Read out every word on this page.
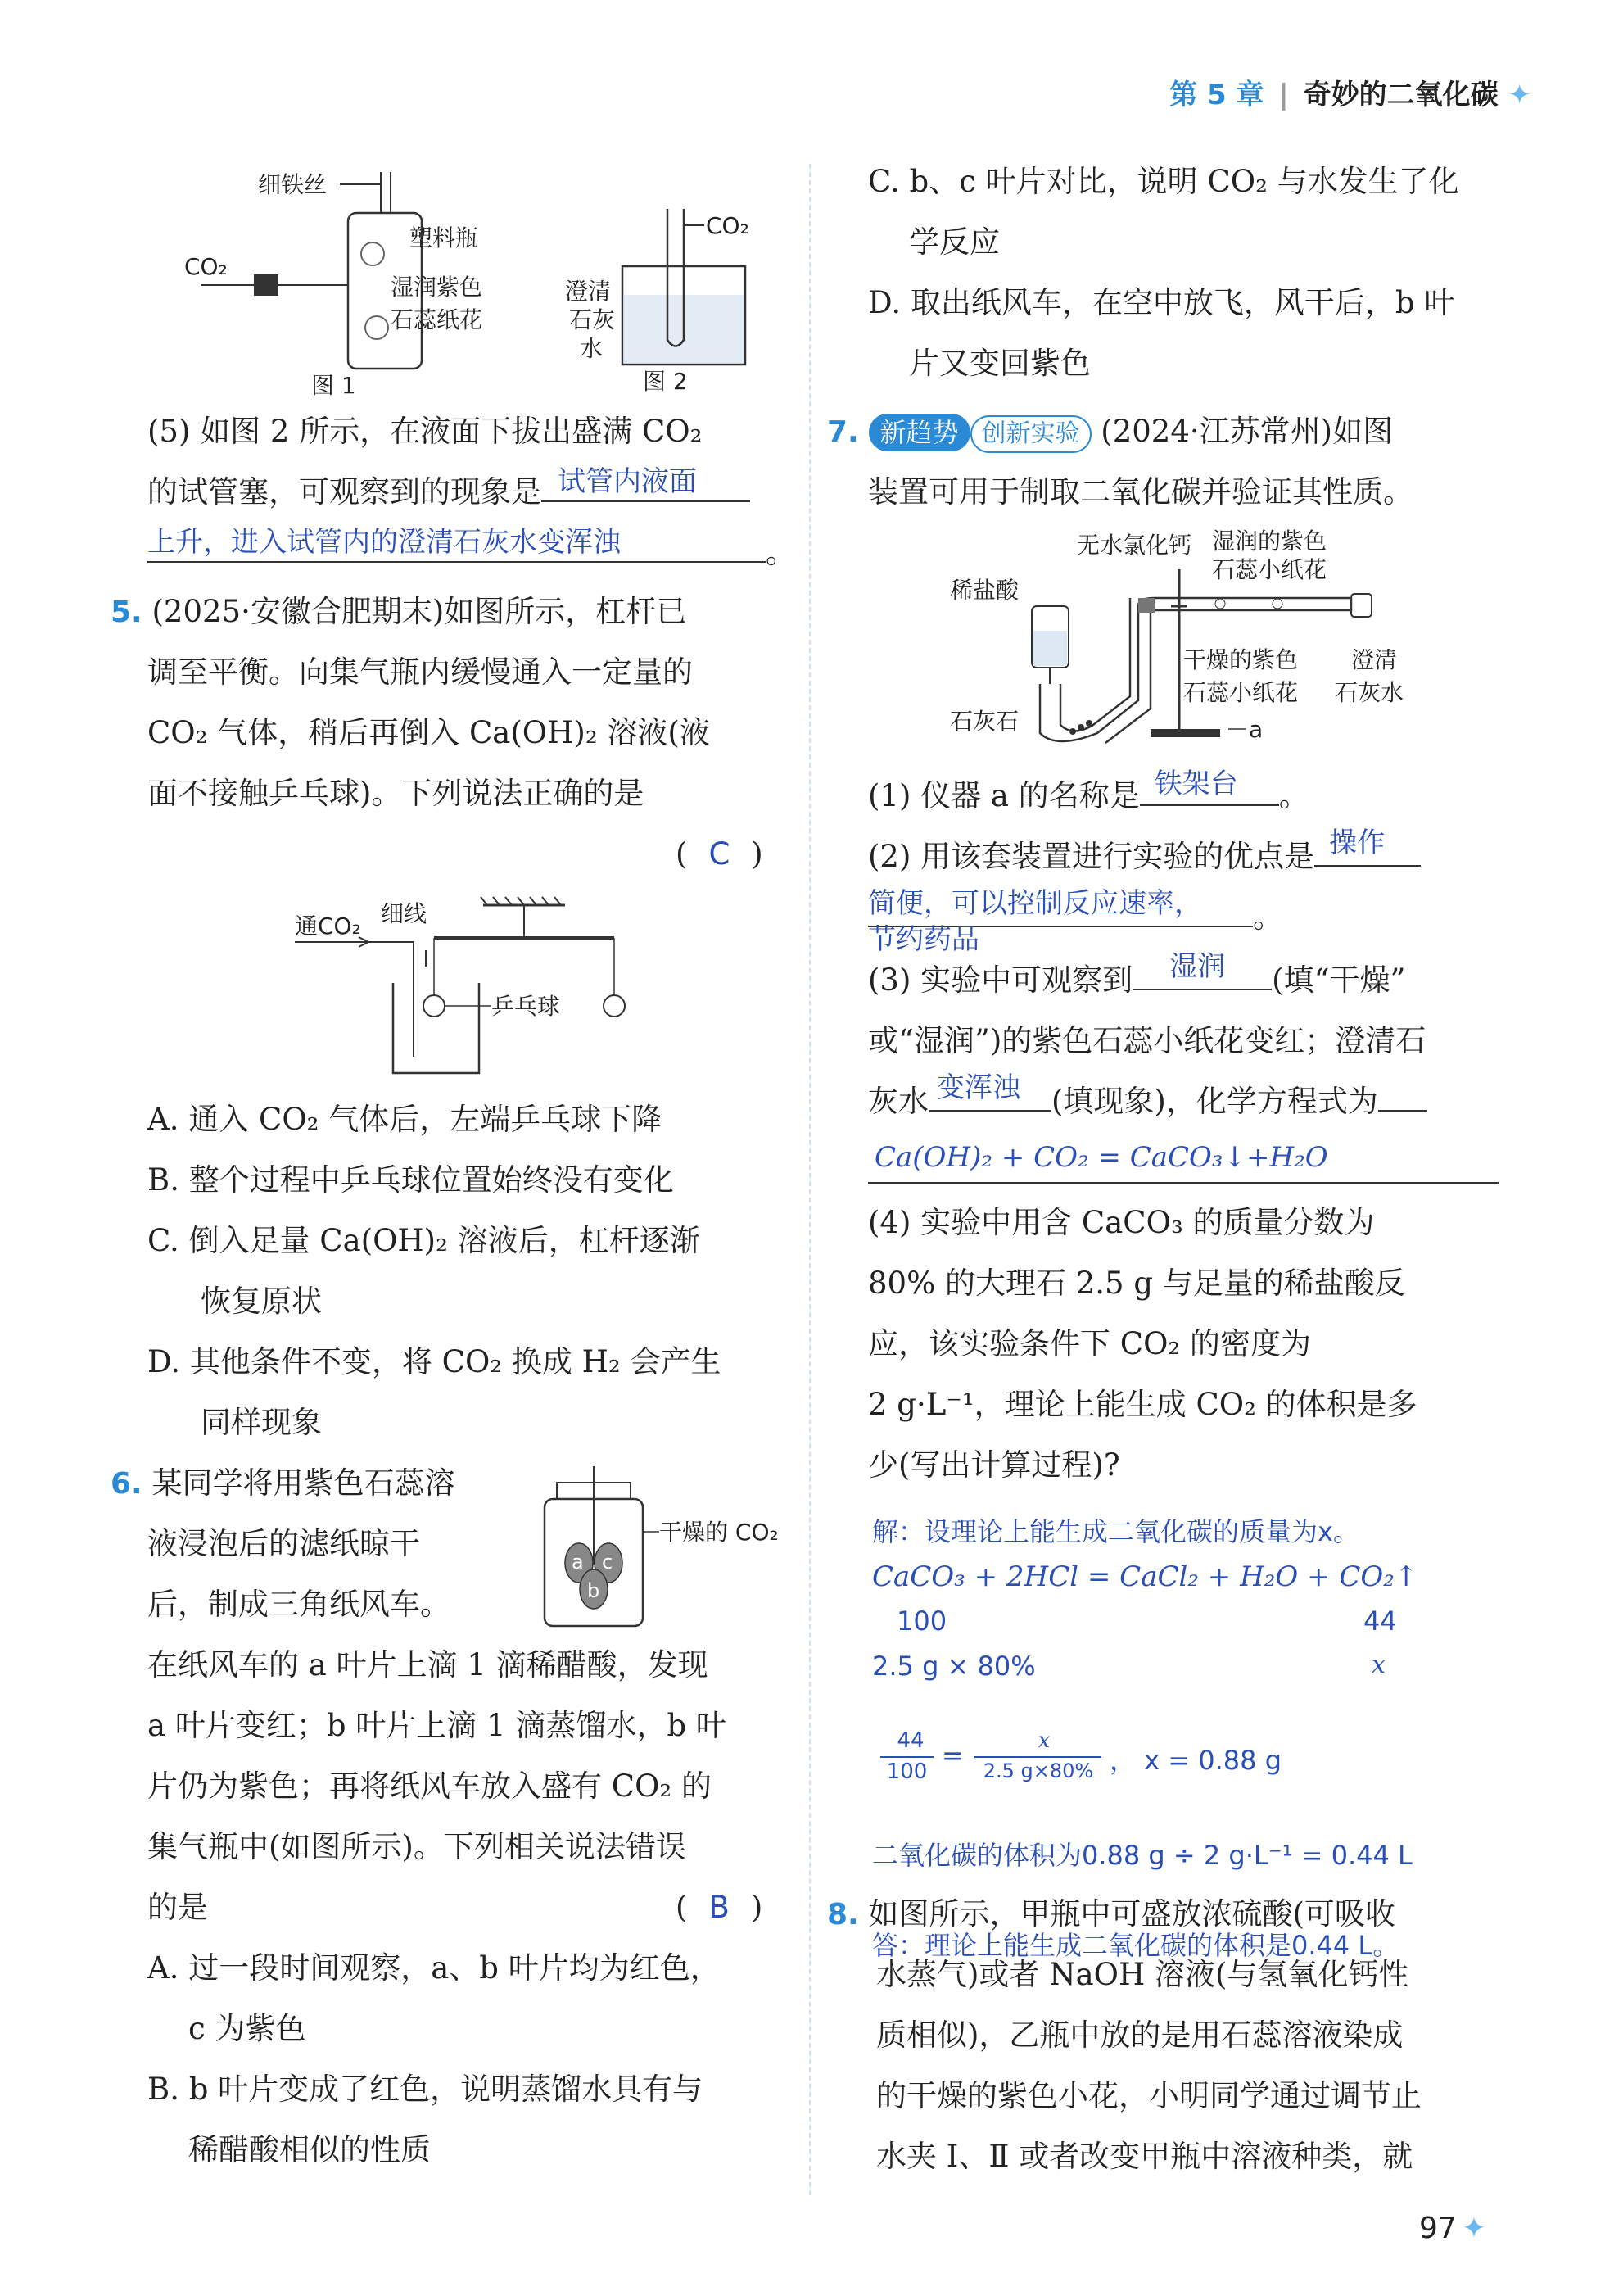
第 5 章 | 奇妙的二氧化碳 ✦
细铁丝
CO₂
塑料瓶
湿润紫色
石蕊纸花
图 1
CO₂
澄清
石灰
水
图 2
(5) 如图 2 所示，在液面下拔出盛满 CO₂
的试管塞，可观察到的现象是 试管内液面
上升，进入试管内的澄清石灰水变浑浊	。
5. (2025·安徽合肥期末)如图所示，杠杆已
调至平衡。向集气瓶内缓慢通入一定量的
CO₂ 气体，稍后再倒入 Ca(OH)₂ 溶液(液
面不接触乒乓球)。下列说法正确的是
( C )
通CO₂ 细线
乒乓球
A. 通入 CO₂ 气体后，左端乒乓球下降
B. 整个过程中乒乓球位置始终没有变化
C. 倒入足量 Ca(OH)₂ 溶液后，杠杆逐渐
恢复原状
D. 其他条件不变，将 CO₂ 换成 H₂ 会产生
同样现象
6. 某同学将用紫色石蕊溶
液浸泡后的滤纸晾干
后，制成三角纸风车。
a c
b
干燥的 CO₂
在纸风车的 a 叶片上滴 1 滴稀醋酸，发现
a 叶片变红；b 叶片上滴 1 滴蒸馏水，b 叶
片仍为紫色；再将纸风车放入盛有 CO₂ 的
集气瓶中(如图所示)。下列相关说法错误
的是	( B )
A. 过一段时间观察，a、b 叶片均为红色，
c 为紫色
B. b 叶片变成了红色，说明蒸馏水具有与
稀醋酸相似的性质
C. b、c 叶片对比，说明 CO₂ 与水发生了化
学反应
D. 取出纸风车，在空中放飞，风干后，b 叶
片又变回紫色
7. 新趋势 创新实验 (2024·江苏常州)如图
装置可用于制取二氧化碳并验证其性质。
无水氯化钙 湿润的紫色
石蕊小纸花
稀盐酸
干燥的紫色
石蕊小纸花
澄清
石灰水
石灰石	a
(1) 仪器 a 的名称是 铁架台 。
(2) 用该套装置进行实验的优点是 操作
简便，可以控制反应速率，
节约药品
。
(3) 实验中可观察到 湿润 (填“干燥”
或“湿润”)的紫色石蕊小纸花变红；澄清石
灰水 变浑浊 (填现象)，化学方程式为
Ca(OH)₂ + CO₂ = CaCO₃↓+H₂O
(4) 实验中用含 CaCO₃ 的质量分数为
80% 的大理石 2.5 g 与足量的稀盐酸反
应，该实验条件下 CO₂ 的密度为
2 g·L⁻¹，理论上能生成 CO₂ 的体积是多
少(写出计算过程)?
解：设理论上能生成二氧化碳的质量为x。
CaCO₃ + 2HCl = CaCl₂ + H₂O + CO₂↑
100	44
2.5 g × 80%	x
44
100
=	x
2.5 g×80% ， x = 0.88 g
二氧化碳的体积为0.88 g ÷ 2 g·L⁻¹ = 0.44 L
答：理论上能生成二氧化碳的体积是0.44 L。
8. 如图所示，甲瓶中可盛放浓硫酸(可吸收
水蒸气)或者 NaOH 溶液(与氢氧化钙性
质相似)，乙瓶中放的是用石蕊溶液染成
的干燥的紫色小花，小明同学通过调节止
水夹 Ⅰ、Ⅱ 或者改变甲瓶中溶液种类，就
97 ✦
